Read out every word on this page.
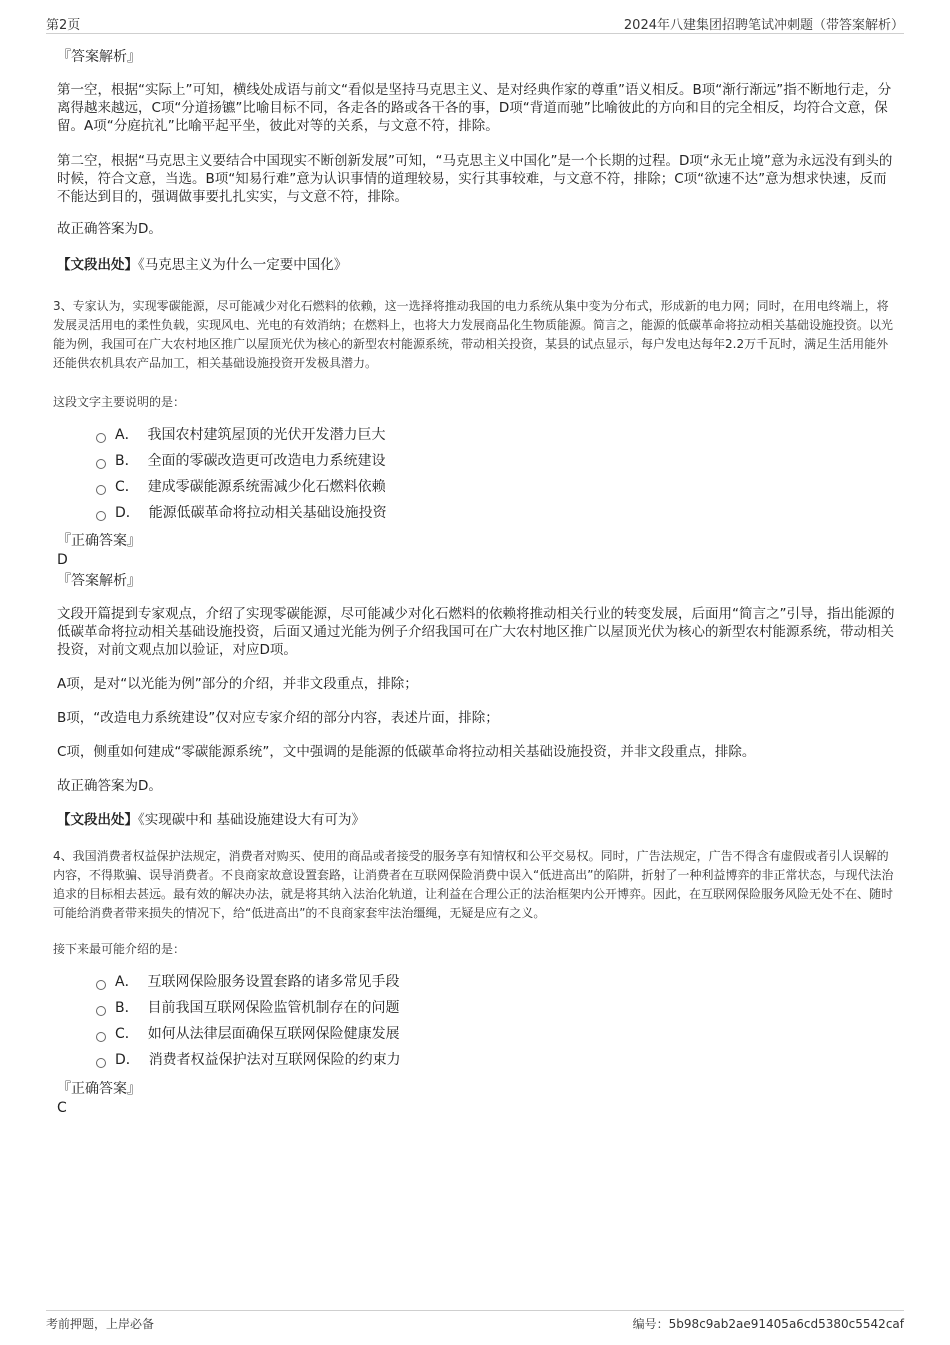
第2页	2024年八建集团招聘笔试冲刺题（带答案解析）
『答案解析』
第一空，根据“实际上”可知，横线处成语与前文“看似是坚持马克思主义、是对经典作家的尊重”语义相反。B项“渐行渐远”指不断地行走，分离得越来越远，C项“分道扬镳”比喻目标不同，各走各的路或各干各的事，D项“背道而驰”比喻彼此的方向和目的完全相反，均符合文意，保留。A项“分庭抗礼”比喻平起平坐，彼此对等的关系，与文意不符，排除。
第二空，根据“马克思主义要结合中国现实不断创新发展”可知，“马克思主义中国化”是一个长期的过程。D项“永无止境”意为永远没有到头的时候，符合文意，当选。B项“知易行难”意为认识事情的道理较易，实行其事较难，与文意不符，排除；C项“欲速不达”意为想求快速，反而不能达到目的，强调做事要扎扎实实，与文意不符，排除。
故正确答案为D。
【文段出处】《马克思主义为什么一定要中国化》
3、专家认为，实现零碳能源，尽可能减少对化石燃料的依赖，这一选择将推动我国的电力系统从集中变为分布式，形成新的电力网；同时，在用电终端上，将发展灵活用电的柔性负载，实现风电、光电的有效消纳；在燃料上，也将大力发展商品化生物质能源。简言之，能源的低碳革命将拉动相关基础设施投资。以光能为例，我国可在广大农村地区推广以屋顶光伏为核心的新型农村能源系统，带动相关投资，某县的试点显示，每户发电达每年2.2万千瓦时，满足生活用能外还能供农机具农产品加工，相关基础设施投资开发极具潜力。
这段文字主要说明的是：
A． 我国农村建筑屋顶的光伏开发潜力巨大
B． 全面的零碳改造更可改造电力系统建设
C． 建成零碳能源系统需减少化石燃料依赖
D． 能源低碳革命将拉动相关基础设施投资
『正确答案』
D
『答案解析』
文段开篇提到专家观点，介绍了实现零碳能源，尽可能减少对化石燃料的依赖将推动相关行业的转变发展，后面用“简言之”引导，指出能源的低碳革命将拉动相关基础设施投资，后面又通过光能为例子介绍我国可在广大农村地区推广以屋顶光伏为核心的新型农村能源系统，带动相关投资，对前文观点加以验证，对应D项。
A项，是对“以光能为例”部分的介绍，并非文段重点，排除；
B项，“改造电力系统建设”仅对应专家介绍的部分内容，表述片面，排除；
C项，侧重如何建成“零碳能源系统”，文中强调的是能源的低碳革命将拉动相关基础设施投资，并非文段重点，排除。
故正确答案为D。
【文段出处】《实现碳中和 基础设施建设大有可为》
4、我国消费者权益保护法规定，消费者对购买、使用的商品或者接受的服务享有知情权和公平交易权。同时，广告法规定，广告不得含有虚假或者引人误解的内容，不得欺骗、误导消费者。不良商家故意设置套路，让消费者在互联网保险消费中误入“低进高出”的陷阱，折射了一种利益博弈的非正常状态，与现代法治追求的目标相去甚远。最有效的解决办法，就是将其纳入法治化轨道，让利益在合理公正的法治框架内公开博弈。因此，在互联网保险服务风险无处不在、随时可能给消费者带来损失的情况下，给“低进高出”的不良商家套牢法治缰绳，无疑是应有之义。
接下来最可能介绍的是：
A． 互联网保险服务设置套路的诸多常见手段
B． 目前我国互联网保险监管机制存在的问题
C． 如何从法律层面确保互联网保险健康发展
D． 消费者权益保护法对互联网保险的约束力
『正确答案』
C
考前押题，上岸必备	编号：5b98c9ab2ae91405a6cd5380c5542caf
